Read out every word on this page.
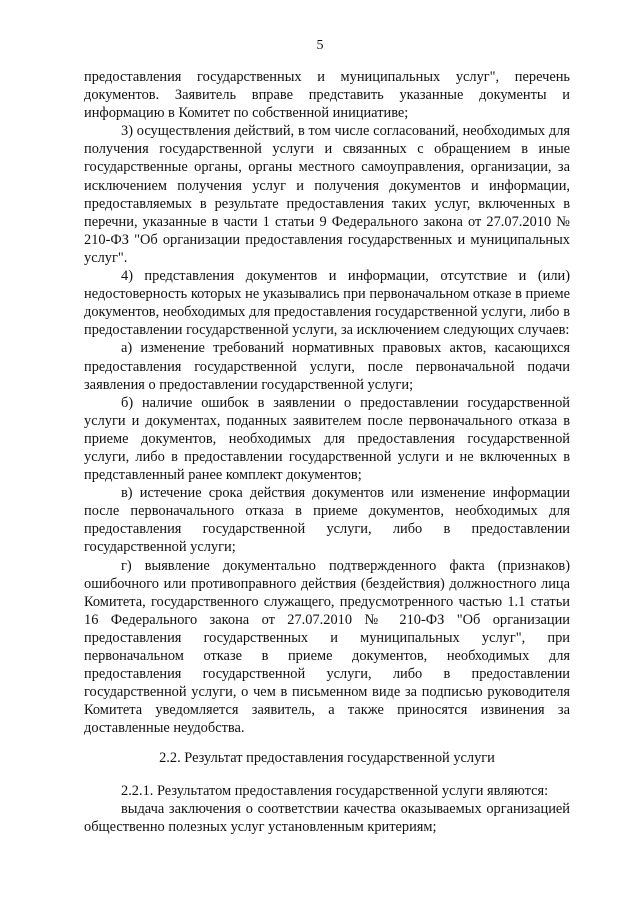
5

предоставления государственных и муниципальных услуг", перечень документов. Заявитель вправе представить указанные документы и информацию в Комитет по собственной инициативе;

3) осуществления действий, в том числе согласований, необходимых для получения государственной услуги и связанных с обращением в иные государственные органы, органы местного самоуправления, организации, за исключением получения услуг и получения документов и информации, предоставляемых в результате предоставления таких услуг, включенных в перечни, указанные в части 1 статьи 9 Федерального закона от 27.07.2010 № 210-ФЗ "Об организации предоставления государственных и муниципальных услуг".

4) представления документов и информации, отсутствие и (или) недостоверность которых не указывались при первоначальном отказе в приеме документов, необходимых для предоставления государственной услуги, либо в предоставлении государственной услуги, за исключением следующих случаев:

а) изменение требований нормативных правовых актов, касающихся предоставления государственной услуги, после первоначальной подачи заявления о предоставлении государственной услуги;

б) наличие ошибок в заявлении о предоставлении государственной услуги и документах, поданных заявителем после первоначального отказа в приеме документов, необходимых для предоставления государственной услуги, либо в предоставлении государственной услуги и не включенных в представленный ранее комплект документов;

в) истечение срока действия документов или изменение информации после первоначального отказа в приеме документов, необходимых для предоставления государственной услуги, либо в предоставлении государственной услуги;

г) выявление документально подтвержденного факта (признаков) ошибочного или противоправного действия (бездействия) должностного лица Комитета, государственного служащего, предусмотренного частью 1.1 статьи 16 Федерального закона от 27.07.2010 № 210-ФЗ "Об организации предоставления государственных и муниципальных услуг", при первоначальном отказе в приеме документов, необходимых для предоставления государственной услуги, либо в предоставлении государственной услуги, о чем в письменном виде за подписью руководителя Комитета уведомляется заявитель, а также приносятся извинения за доставленные неудобства.

2.2. Результат предоставления государственной услуги

2.2.1. Результатом предоставления государственной услуги являются:

выдача заключения о соответствии качества оказываемых организацией общественно полезных услуг установленным критериям;
